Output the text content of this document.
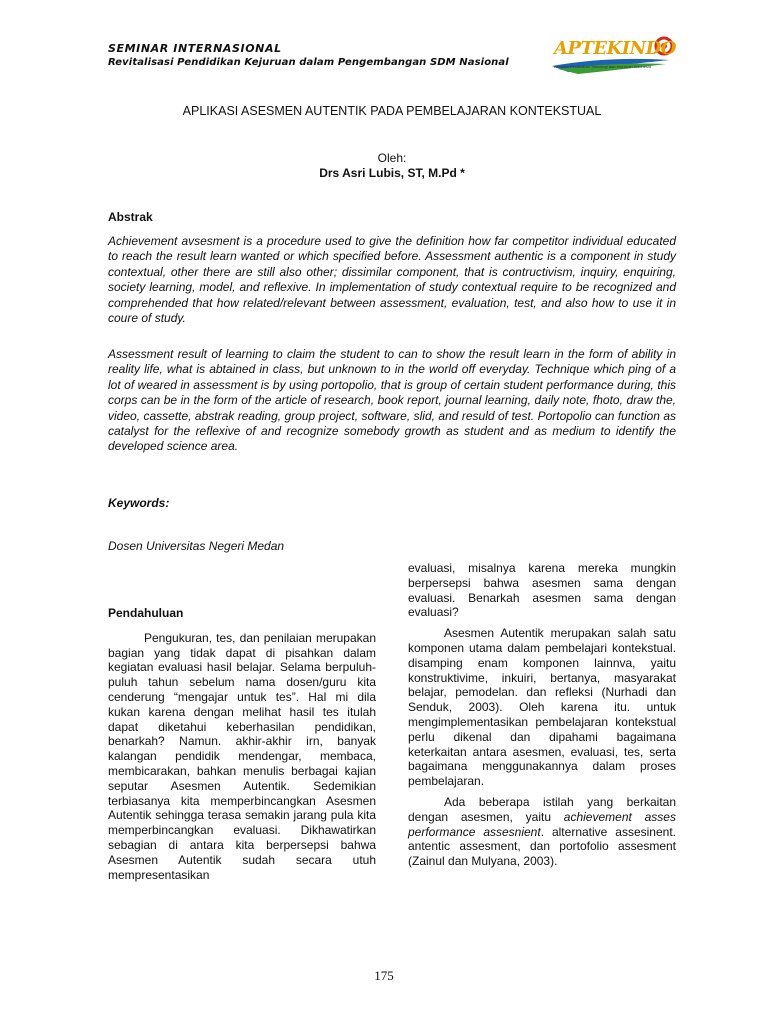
SEMINAR INTERNASIONAL
Revitalisasi Pendidikan Kejuruan dalam Pengembangan SDM Nasional
APTEKINDO
Asosiasi Pendidikan Teknologi dan Kejuruan Indonesia
APLIKASI ASESMEN AUTENTIK PADA PEMBELAJARAN KONTEKSTUAL
Oleh:
Drs Asri Lubis, ST, M.Pd *
Abstrak

Achievement avsesment is a procedure used to give the definition how far competitor individual educated to reach the result learn wanted or which specified before. Assessment authentic is a component in study contextual, other there are still also other; dissimilar component, that is contructivism, inquiry, enquiring, society learning, model, and reflexive. In implementation of study contextual require to be recognized and comprehended that how related/relevant between assessment, evaluation, test, and also how to use it in coure of study.

Assessment result of learning to claim the student to can to show the result learn in the form of ability in reality life, what is abtained in class, but unknown to in the world off everyday. Technique which ping of a lot of weared in assessment is by using portopolio, that is group of certain student performance during, this corps can be in the form of the article of research, book report, journal learning, daily note, fhoto, draw the, video, cassette, abstrak reading, group project, software, slid, and resuld of test. Portopolio can function as catalyst for the reflexive of and recognize somebody growth as student and as medium to identify the developed science area.

Keywords:
Dosen Universitas Negeri Medan
Pendahuluan

Pengukuran, tes, dan penilaian merupakan bagian yang tidak dapat di pisahkan dalam kegiatan evaluasi hasil belajar. Selama berpuluh-puluh tahun sebelum nama dosen/guru kita cenderung “mengajar untuk tes”. Hal mi dila kukan karena dengan melihat hasil tes itulah dapat diketahui keberhasilan pendidikan, benarkah? Namun. akhir-akhir irn, banyak kalangan pendidik mendengar, membaca, membicarakan, bahkan menulis berbagai kajian seputar Asesmen Autentik. Sedemikian terbiasanya kita memperbincangkan Asesmen Autentik sehingga terasa semakin jarang pula kita memperbincangkan evaluasi. Dikhawatirkan sebagian di antara kita berpersepsi bahwa Asesmen Autentik sudah secara utuh mempresentasikan

evaluasi, misalnya karena mereka mungkin berpersepsi bahwa asesmen sama dengan evaluasi. Benarkah asesmen sama dengan evaluasi?

Asesmen Autentik merupakan salah satu komponen utama dalam pembelajari kontekstual. disamping enam komponen lainnva, yaitu konstruktivime, inkuiri, bertanya, masyarakat belajar, pemodelan. dan refleksi (Nurhadi dan Senduk, 2003). Oleh karena itu. untuk mengimplementasikan pembelajaran kontekstual perlu dikenal dan dipahami bagaimana keterkaitan antara asesmen, evaluasi, tes, serta bagaimana menggunakannya dalam proses pembelajaran.

Ada beberapa istilah yang berkaitan dengan asesmen, yaitu achievement asses performance assesnient. alternative assesinent. antentic assesment, dan portofolio assesment (Zainul dan Mulyana, 2003).

175
